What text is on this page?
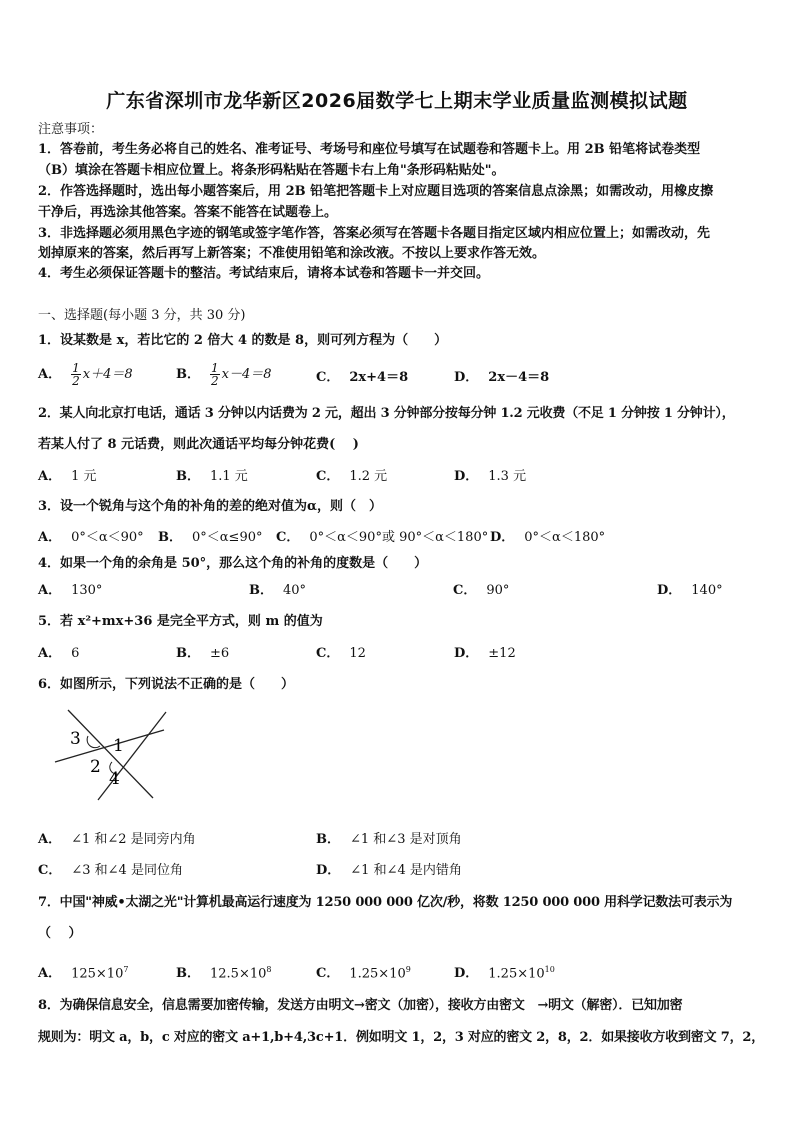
广东省深圳市龙华新区2026届数学七上期末学业质量监测模拟试题
注意事项：
1．答卷前，考生务必将自己的姓名、准考证号、考场号和座位号填写在试题卷和答题卡上。用 2B 铅笔将试卷类型
（B）填涂在答题卡相应位置上。将条形码粘贴在答题卡右上角"条形码粘贴处"。
2．作答选择题时，选出每小题答案后，用 2B 铅笔把答题卡上对应题目选项的答案信息点涂黑；如需改动，用橡皮擦
干净后，再选涂其他答案。答案不能答在试题卷上。
3．非选择题必须用黑色字迹的钢笔或签字笔作答，答案必须写在答题卡各题目指定区域内相应位置上；如需改动，先
划掉原来的答案，然后再写上新答案；不准使用铅笔和涂改液。不按以上要求作答无效。
4．考生必须保证答题卡的整洁。考试结束后，请将本试卷和答题卡一并交回。
一、选择题(每小题 3 分，共 30 分)
1．设某数是 x，若比它的 2 倍大 4 的数是 8，则可列方程为（　　）
A． $\frac{1}{2} x+4=8$	B． $\frac{1}{2} x-4=8$	C． 2x+4＝8	D． 2x－4＝8
2．某人向北京打电话，通话 3 分钟以内话费为 2 元，超出 3 分钟部分按每分钟 1.2 元收费（不足 1 分钟按 1 分钟计），
若某人付了 8 元话费，则此次通话平均每分钟花费(　 )
A． 1 元	B． 1.1 元	C． 1.2 元	D． 1.3 元
3．设一个锐角与这个角的补角的差的绝对值为α，则（　）
A． 0°＜α＜90° B． 0°＜α≤90° C． 0°＜α＜90°或 90°＜α＜180° D． 0°＜α＜180°
4．如果一个角的余角是 50°，那么这个角的补角的度数是（　　）
A． 130°	B． 40°	C． 90°	D． 140°
5．若 x²+mx+36 是完全平方式，则 m 的值为
A． 6	B． ±6	C． 12	D． ±12
6．如图所示，下列说法不正确的是（　　）
3 1
2
4
A． ∠1 和∠2 是同旁内角	B． ∠1 和∠3 是对顶角
C． ∠3 和∠4 是同位角	D． ∠1 和∠4 是内错角
7．中国"神威•太湖之光"计算机最高运行速度为 1250 000 000 亿次/秒，将数 1250 000 000 用科学记数法可表示为
（　 ）
A． $125\times 10^7$	B． $12.5\times 10^8$	C． $1.25\times 10^9$	D． $1.25\times 10^{10}$
8．为确保信息安全，信息需要加密传输，发送方由明文→密文（加密），接收方由密文　→明文（解密）．已知加密
规则为：明文 a，b，c 对应的密文 a+1,b+4,3c+1．例如明文 1，2，3 对应的密文 2，8，2．如果接收方收到密文 7，2，
